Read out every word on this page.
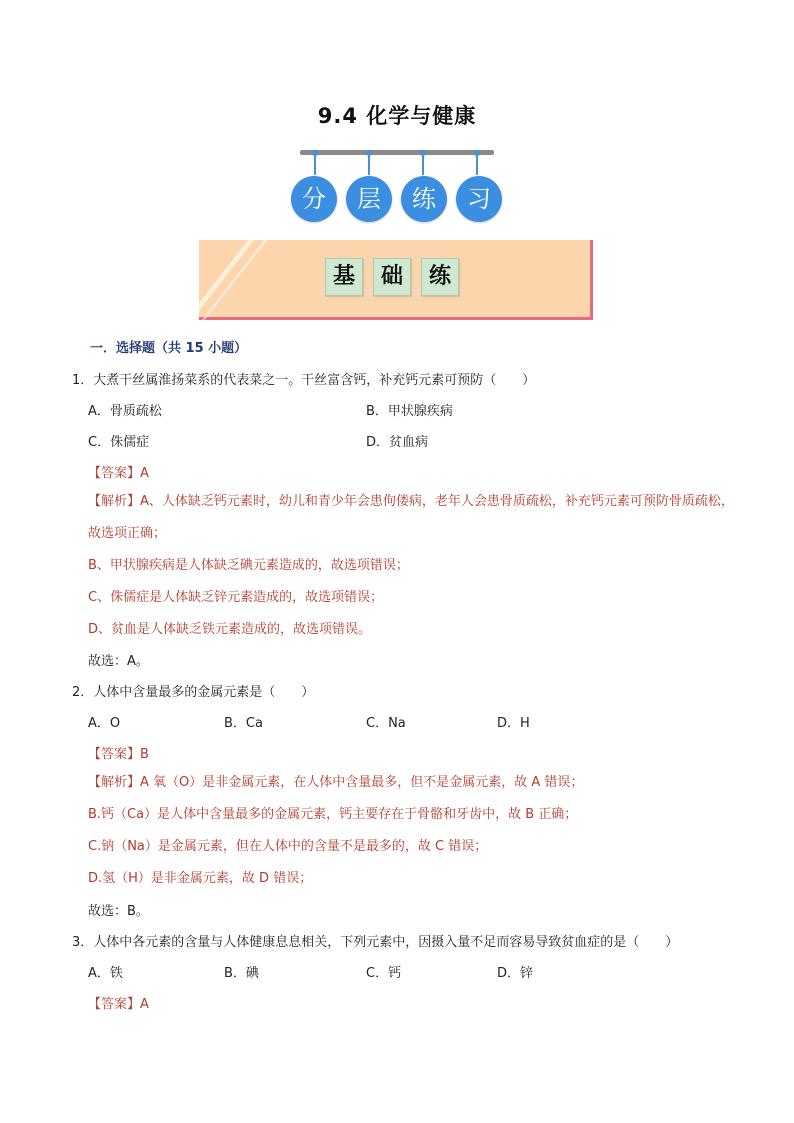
9.4 化学与健康
分	层	练	习
基	础	练
一．选择题（共 15 小题）
1．大煮干丝属淮扬菜系的代表菜之一。干丝富含钙，补充钙元素可预防（　　）
A．骨质疏松	B．甲状腺疾病
C．侏儒症	D．贫血病
【答案】A
【解析】A、人体缺乏钙元素时，幼儿和青少年会患佝偻病，老年人会患骨质疏松，补充钙元素可预防骨质疏松，故选项正确；
B、甲状腺疾病是人体缺乏碘元素造成的，故选项错误；
C、侏儒症是人体缺乏锌元素造成的，故选项错误；
D、贫血是人体缺乏铁元素造成的，故选项错误。
故选：A。
2．人体中含量最多的金属元素是（　　）
A．O	B．Ca	C．Na	D．H
【答案】B
【解析】A 氧（O）是非金属元素，在人体中含量最多，但不是金属元素，故 A 错误；
B.钙（Ca）是人体中含量最多的金属元素，钙主要存在于骨骼和牙齿中，故 B 正确；
C.钠（Na）是金属元素，但在人体中的含量不是最多的，故 C 错误；
D.氢（H）是非金属元素，故 D 错误；
故选：B。
3．人体中各元素的含量与人体健康息息相关，下列元素中，因摄入量不足而容易导致贫血症的是（　　）
A．铁	B．碘	C．钙	D．锌
【答案】A
